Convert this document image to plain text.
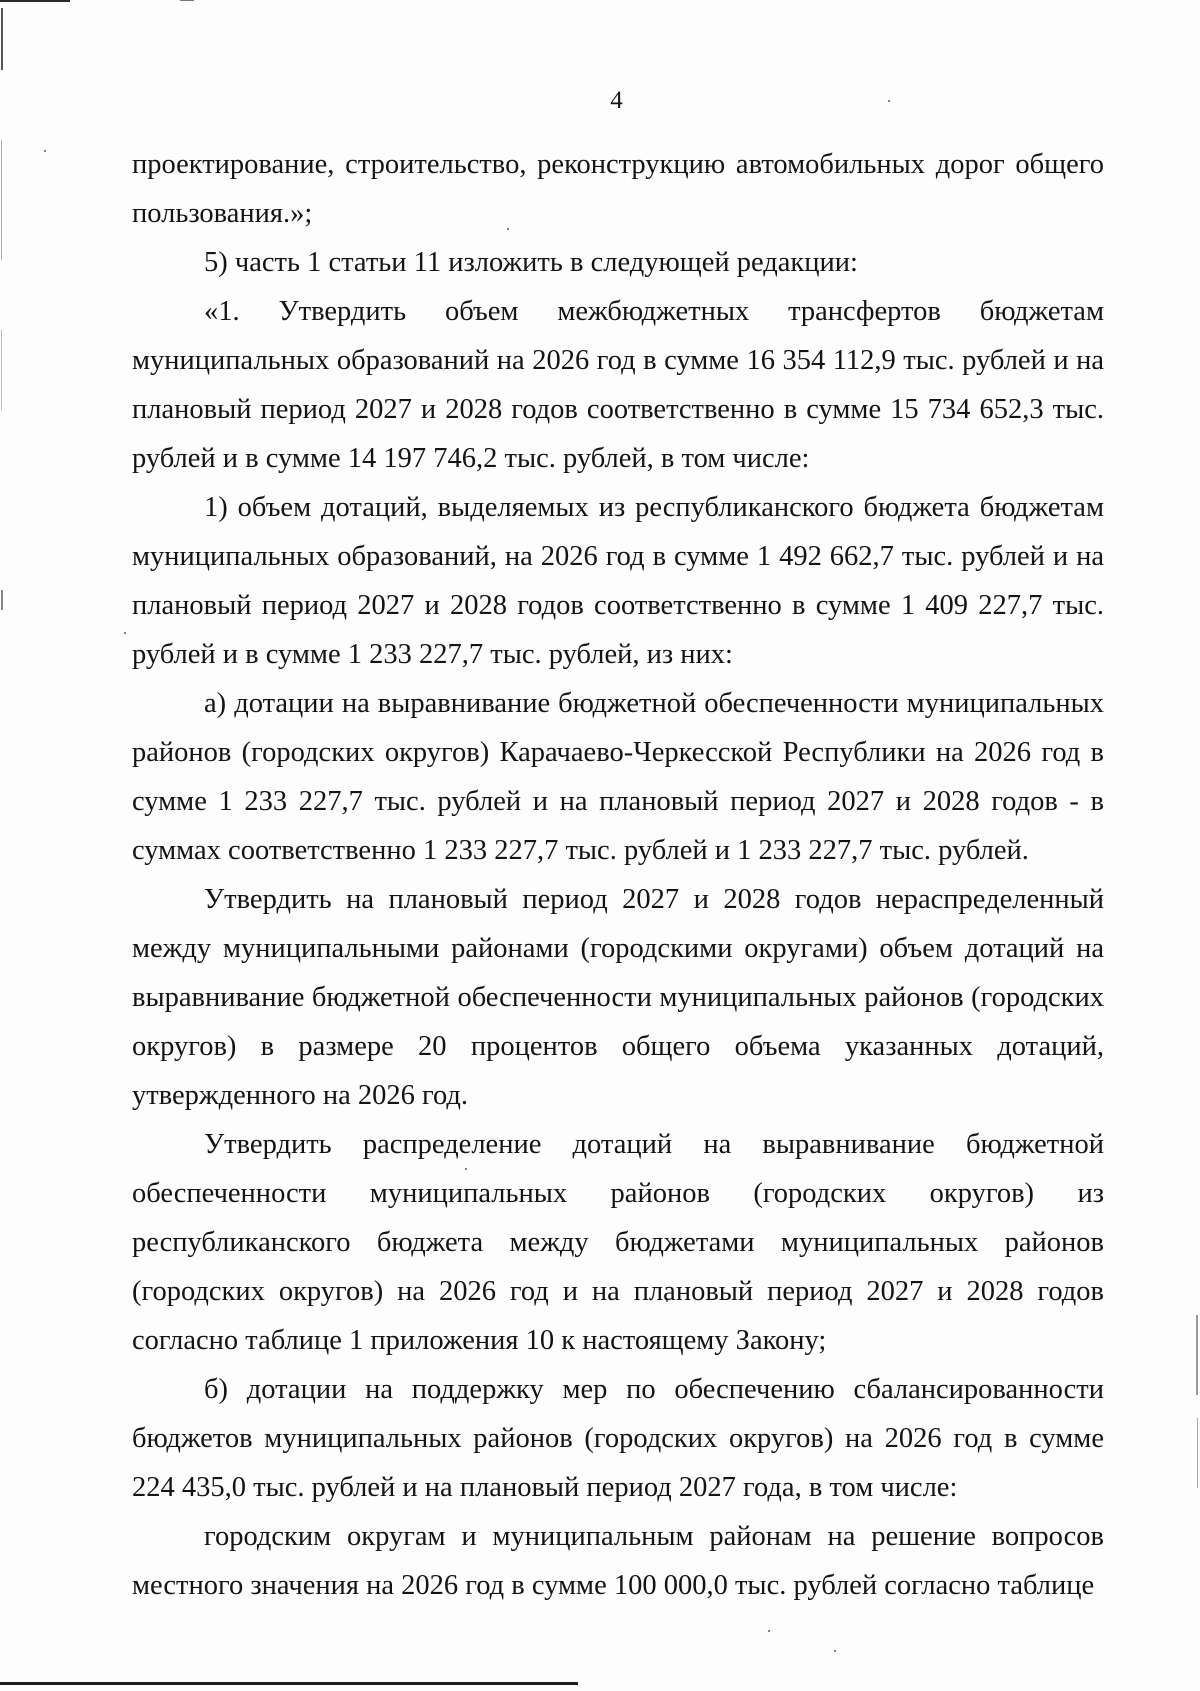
4

проектирование, строительство, реконструкцию автомобильных дорог общего пользования.»;

5) часть 1 статьи 11 изложить в следующей редакции:

«1. Утвердить объем межбюджетных трансфертов бюджетам муниципальных образований на 2026 год в сумме 16 354 112,9 тыс. рублей и на плановый период 2027 и 2028 годов соответственно в сумме 15 734 652,3 тыс. рублей и в сумме 14 197 746,2 тыс. рублей, в том числе:

1) объем дотаций, выделяемых из республиканского бюджета бюджетам муниципальных образований, на 2026 год в сумме 1 492 662,7 тыс. рублей и на плановый период 2027 и 2028 годов соответственно в сумме 1 409 227,7 тыс. рублей и в сумме 1 233 227,7 тыс. рублей, из них:

а) дотации на выравнивание бюджетной обеспеченности муниципальных районов (городских округов) Карачаево-Черкесской Республики на 2026 год в сумме 1 233 227,7 тыс. рублей и на плановый период 2027 и 2028 годов - в суммах соответственно 1 233 227,7 тыс. рублей и 1 233 227,7 тыс. рублей.

Утвердить на плановый период 2027 и 2028 годов нераспределенный между муниципальными районами (городскими округами) объем дотаций на выравнивание бюджетной обеспеченности муниципальных районов (городских округов) в размере 20 процентов общего объема указанных дотаций, утвержденного на 2026 год.

Утвердить распределение дотаций на выравнивание бюджетной обеспеченности муниципальных районов (городских округов) из республиканского бюджета между бюджетами муниципальных районов (городских округов) на 2026 год и на плановый период 2027 и 2028 годов согласно таблице 1 приложения 10 к настоящему Закону;

б) дотации на поддержку мер по обеспечению сбалансированности бюджетов муниципальных районов (городских округов) на 2026 год в сумме 224 435,0 тыс. рублей и на плановый период 2027 года, в том числе:

городским округам и муниципальным районам на решение вопросов местного значения на 2026 год в сумме 100 000,0 тыс. рублей согласно таблице
